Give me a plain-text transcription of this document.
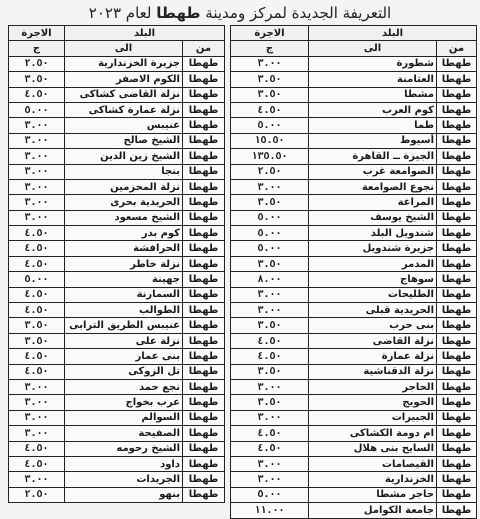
التعريفة الجديدة لمركز ومدينة طهطا لعام ٢٠٢٣
البلد		الاجرة
من	الى	ج
طهطا	شطورة	٣.٠٠
طهطا	العتامنة	٣.٥٠
طهطا	مشطا	٣.٥٠
طهطا	كوم العرب	٤.٥٠
طهطا	طما	٥.٠٠
طهطا	أسيوط	١٥.٥٠
طهطا	الجيزة ــ القاهرة	١٣٥.٥٠
طهطا	الصوامعة غرب	٢.٥٠
طهطا	نجوع الصوامعة	٣.٠٠
طهطا	المراغة	٣.٥٠
طهطا	الشيخ يوسف	٥.٠٠
طهطا	شندويل البلد	٥.٠٠
طهطا	جزيرة شندويل	٥.٠٠
طهطا	المدمر	٣.٥٠
طهطا	سوهاج	٨.٠٠
طهطا	الطليحات	٣.٠٠
طهطا	الحريدية قبلى	٣.٠٠
طهطا	بنى حرب	٣.٥٠
طهطا	نزلة القاضى	٤.٥٠
طهطا	نزلة عمارة	٤.٥٠
طهطا	نزلة الدقناشية	٣.٥٠
طهطا	الحاجر	٣.٠٠
طهطا	الحويج	٣.٥٠
طهطا	الجبيرات	٣.٠٠
طهطا	ام دومة الكشاكى	٤.٥٠
طهطا	السايح بنى هلال	٤.٥٠
طهطا	القيصامات	٣.٠٠
طهطا	الخزندارية	٣.٠٠
طهطا	حاجر مشطا	٥.٠٠
طهطا	جامعة الكوامل	١١.٠٠
البلد		الاجرة
من	الى	ج
طهطا	جزيرة الخزندارية	٢.٥٠
طهطا	الكوم الاصفر	٣.٥٠
طهطا	نزلة القاضى كشاكى	٤.٥٠
طهطا	نزلة عمارة كشاكى	٥.٠٠
طهطا	عنيبس	٣.٠٠
طهطا	الشيخ صالح	٣.٠٠
طهطا	الشيخ زين الدين	٣.٠٠
طهطا	بنجا	٣.٠٠
طهطا	نزلة المحزمين	٣.٠٠
طهطا	الحريدية بحرى	٣.٠٠
طهطا	الشيخ مسعود	٣.٠٠
طهطا	كوم بدر	٤.٥٠
طهطا	الحرافشة	٤.٥٠
طهطا	نزلة خاطر	٤.٥٠
طهطا	جهينة	٥.٠٠
طهطا	السمارنة	٤.٥٠
طهطا	الطوالب	٤.٥٠
طهطا	عنيبس الطريق الترابى	٣.٥٠
طهطا	نزلة على	٣.٥٠
طهطا	بنى عمار	٤.٥٠
طهطا	تل الزوكى	٤.٥٠
طهطا	نجع حمد	٣.٠٠
طهطا	عرب بخواج	٣.٠٠
طهطا	السوالم	٣.٠٠
طهطا	الصفيحة	٣.٠٠
طهطا	الشيخ رحومه	٤.٥٠
طهطا	داود	٤.٥٠
طهطا	الجريدات	٣.٠٠
طهطا	بنهو	٢.٥٠
